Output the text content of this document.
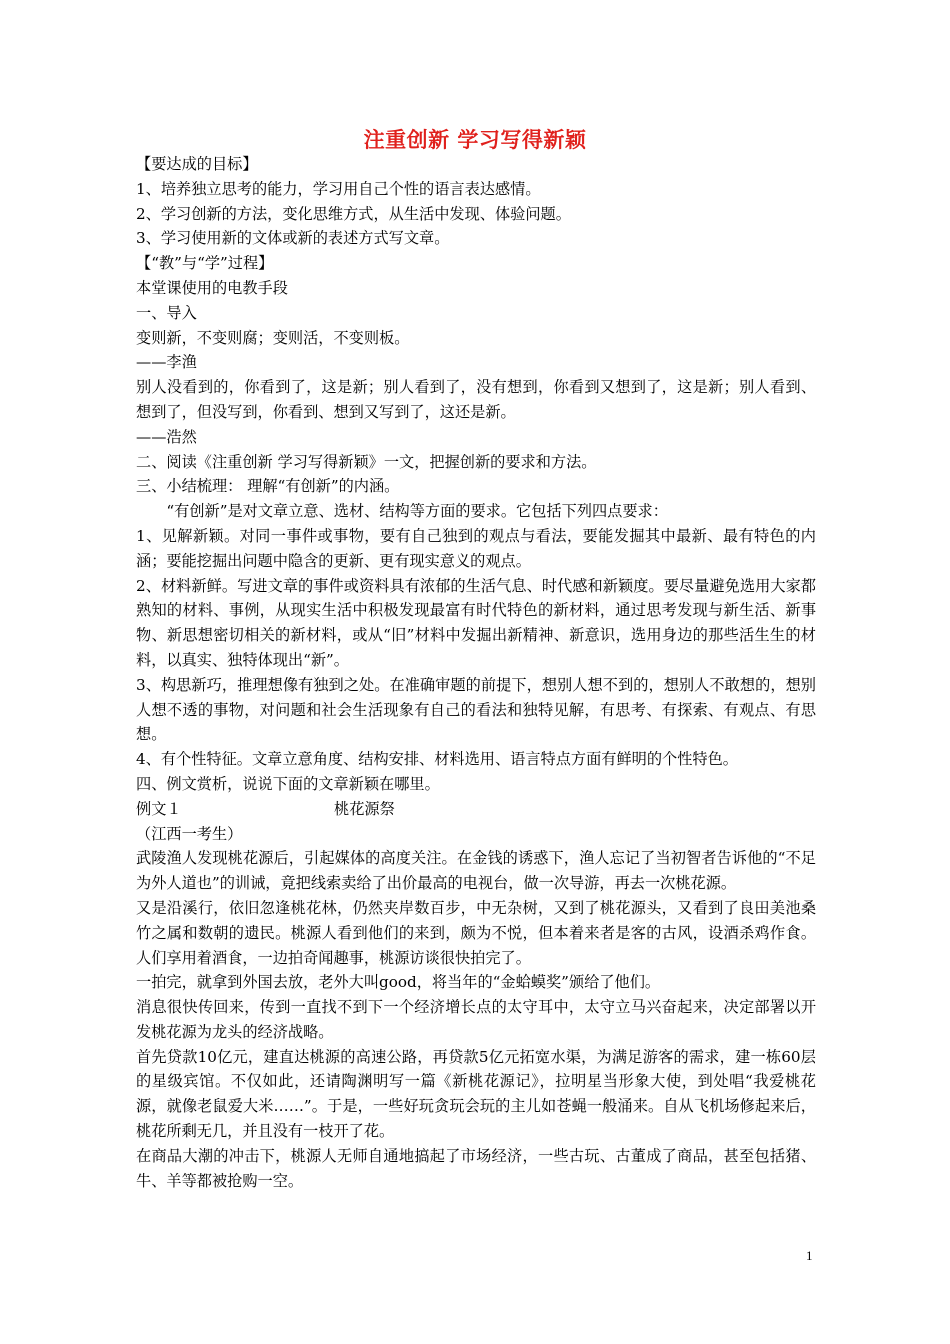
注重创新 学习写得新颖

【要达成的目标】

1、培养独立思考的能力，学习用自己个性的语言表达感情。

2、学习创新的方法，变化思维方式，从生活中发现、体验问题。

3、学习使用新的文体或新的表述方式写文章。

【“教”与“学”过程】

本堂课使用的电教手段

一、导入

变则新，不变则腐；变则活，不变则板。

——李渔

别人没看到的，你看到了，这是新；别人看到了，没有想到，你看到又想到了，这是新；别人看到、想到了，但没写到，你看到、想到又写到了，这还是新。

——浩然

二、阅读《注重创新 学习写得新颖》一文，把握创新的要求和方法。

三、小结梳理： 理解“有创新”的内涵。

“有创新”是对文章立意、选材、结构等方面的要求。它包括下列四点要求：

1、见解新颖。对同一事件或事物，要有自己独到的观点与看法，要能发掘其中最新、最有特色的内涵；要能挖掘出问题中隐含的更新、更有现实意义的观点。

2、材料新鲜。写进文章的事件或资料具有浓郁的生活气息、时代感和新颖度。要尽量避免选用大家都熟知的材料、事例，从现实生活中积极发现最富有时代特色的新材料，通过思考发现与新生活、新事物、新思想密切相关的新材料，或从“旧”材料中发掘出新精神、新意识，选用身边的那些活生生的材料，以真实、独特体现出“新”。

3、构思新巧，推理想像有独到之处。在准确审题的前提下，想别人想不到的，想别人不敢想的，想别人想不透的事物，对问题和社会生活现象有自己的看法和独特见解，有思考、有探索、有观点、有思想。

4、有个性特征。文章立意角度、结构安排、材料选用、语言特点方面有鲜明的个性特色。

四、例文赏析，说说下面的文章新颖在哪里。

例文１	桃花源祭

（江西一考生）

武陵渔人发现桃花源后，引起媒体的高度关注。在金钱的诱惑下，渔人忘记了当初智者告诉他的“不足为外人道也”的训诫，竟把线索卖给了出价最高的电视台，做一次导游，再去一次桃花源。

又是沿溪行，依旧忽逢桃花林，仍然夹岸数百步，中无杂树，又到了桃花源头，又看到了良田美池桑竹之属和数朝的遗民。桃源人看到他们的来到，颇为不悦，但本着来者是客的古风，设酒杀鸡作食。人们享用着酒食，一边拍奇闻趣事，桃源访谈很快拍完了。

一拍完，就拿到外国去放，老外大叫good，将当年的“金蛤蟆奖”颁给了他们。

消息很快传回来，传到一直找不到下一个经济增长点的太守耳中，太守立马兴奋起来，决定部署以开发桃花源为龙头的经济战略。

首先贷款10亿元，建直达桃源的高速公路，再贷款5亿元拓宽水渠，为满足游客的需求，建一栋60层的星级宾馆。不仅如此，还请陶渊明写一篇《新桃花源记》，拉明星当形象大使，到处唱“我爱桃花源，就像老鼠爱大米……”。于是，一些好玩贪玩会玩的主儿如苍蝇一般涌来。自从飞机场修起来后，桃花所剩无几，并且没有一枝开了花。

在商品大潮的冲击下，桃源人无师自通地搞起了市场经济，一些古玩、古董成了商品，甚至包括猪、牛、羊等都被抢购一空。

1
